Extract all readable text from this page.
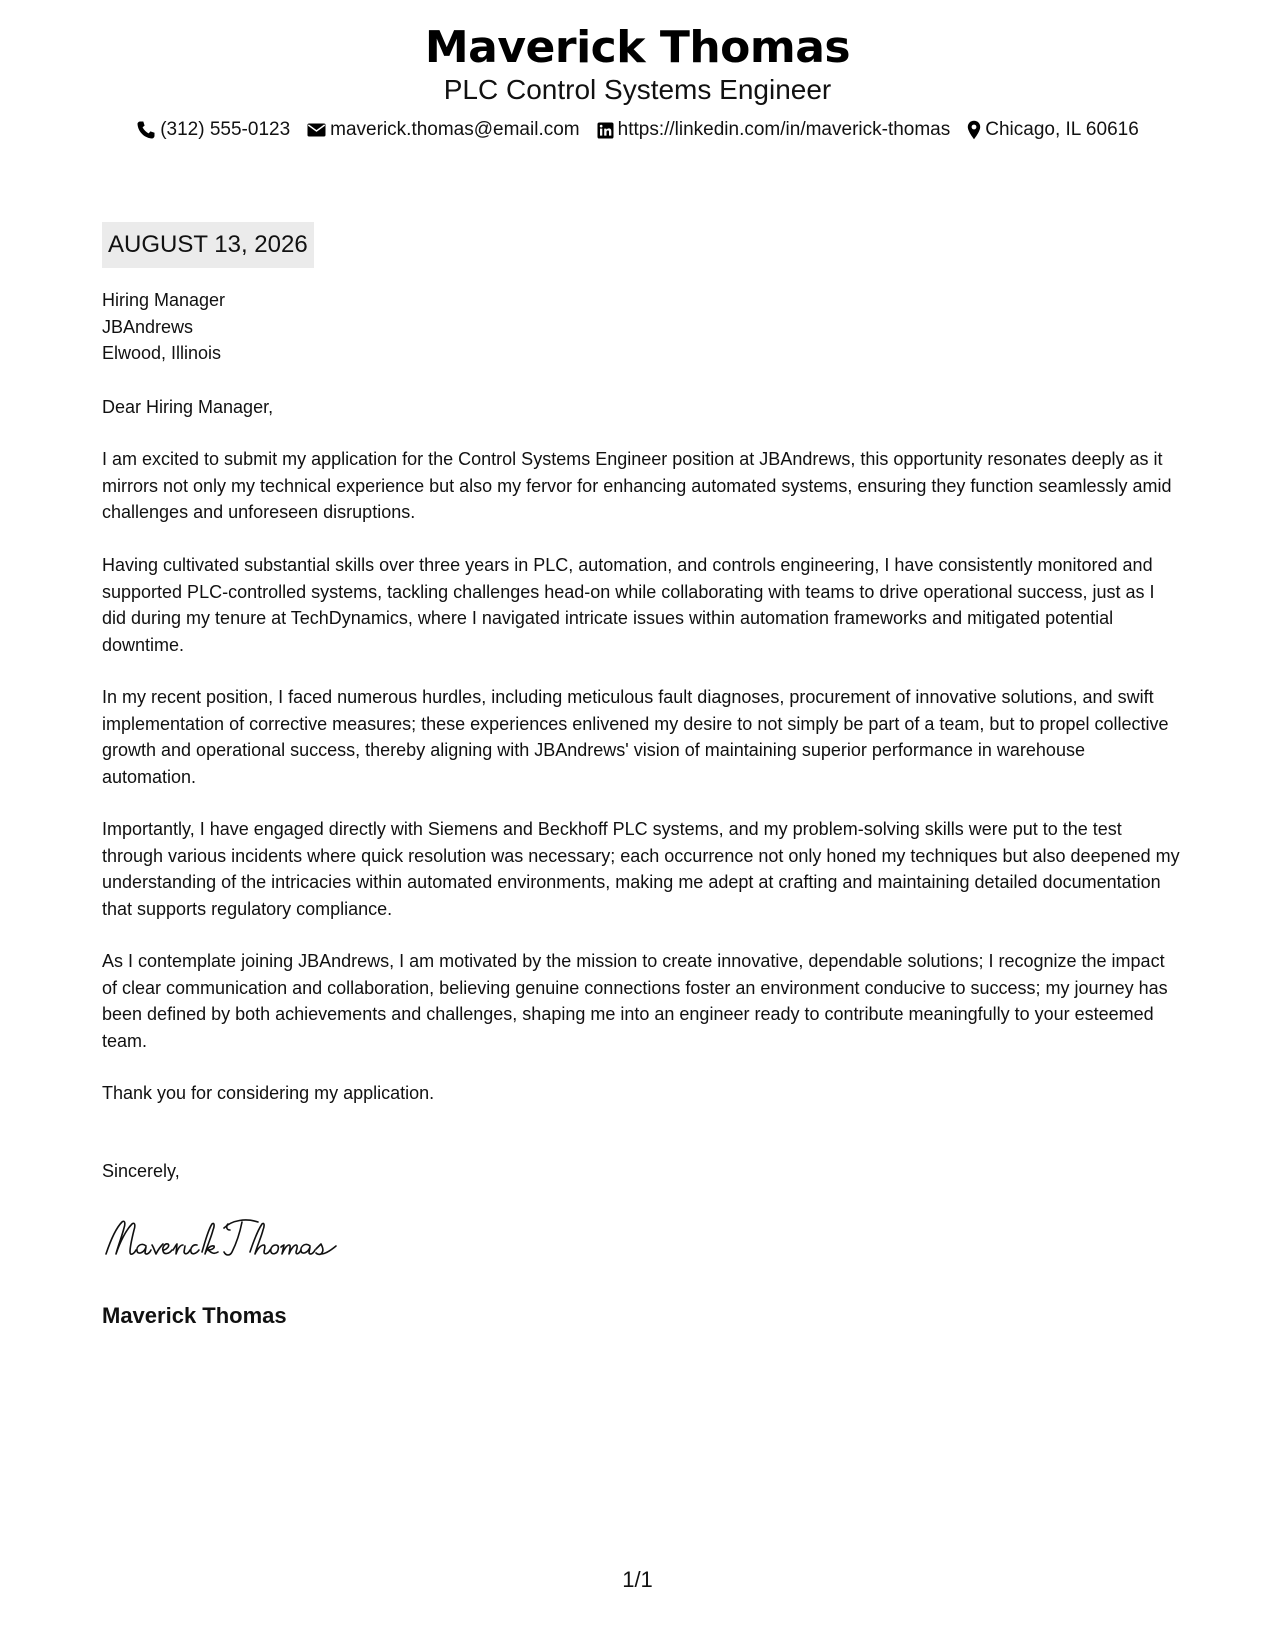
Maverick Thomas
PLC Control Systems Engineer
(312) 555-0123 maverick.thomas@email.com https://linkedin.com/in/maverick-thomas Chicago, IL 60616
AUGUST 13, 2026
Hiring Manager
JBAndrews
Elwood, Illinois
Dear Hiring Manager,
I am excited to submit my application for the Control Systems Engineer position at JBAndrews, this opportunity resonates deeply as it mirrors not only my technical experience but also my fervor for enhancing automated systems, ensuring they function seamlessly amid challenges and unforeseen disruptions.
Having cultivated substantial skills over three years in PLC, automation, and controls engineering, I have consistently monitored and supported PLC-controlled systems, tackling challenges head-on while collaborating with teams to drive operational success, just as I did during my tenure at TechDynamics, where I navigated intricate issues within automation frameworks and mitigated potential downtime.
In my recent position, I faced numerous hurdles, including meticulous fault diagnoses, procurement of innovative solutions, and swift implementation of corrective measures; these experiences enlivened my desire to not simply be part of a team, but to propel collective growth and operational success, thereby aligning with JBAndrews' vision of maintaining superior performance in warehouse automation.
Importantly, I have engaged directly with Siemens and Beckhoff PLC systems, and my problem-solving skills were put to the test through various incidents where quick resolution was necessary; each occurrence not only honed my techniques but also deepened my understanding of the intricacies within automated environments, making me adept at crafting and maintaining detailed documentation that supports regulatory compliance.
As I contemplate joining JBAndrews, I am motivated by the mission to create innovative, dependable solutions; I recognize the impact of clear communication and collaboration, believing genuine connections foster an environment conducive to success; my journey has been defined by both achievements and challenges, shaping me into an engineer ready to contribute meaningfully to your esteemed team.
Thank you for considering my application.
Sincerely,
Maverick Thomas
1/1
